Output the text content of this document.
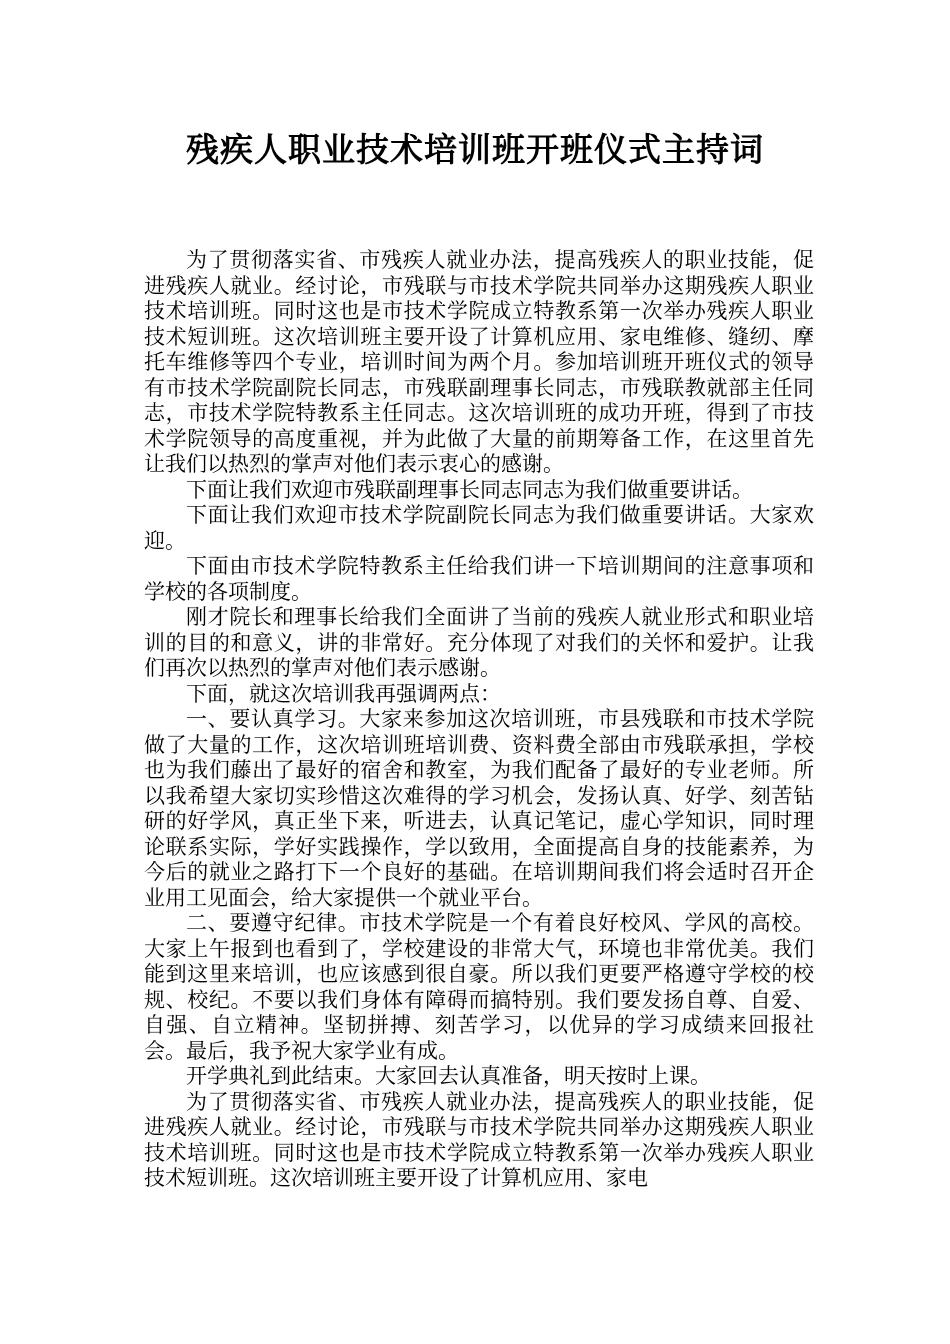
残疾人职业技术培训班开班仪式主持词

为了贯彻落实省、市残疾人就业办法，提高残疾人的职业技能，促进残疾人就业。经讨论，市残联与市技术学院共同举办这期残疾人职业技术培训班。同时这也是市技术学院成立特教系第一次举办残疾人职业技术短训班。这次培训班主要开设了计算机应用、家电维修、缝纫、摩托车维修等四个专业，培训时间为两个月。参加培训班开班仪式的领导有市技术学院副院长同志，市残联副理事长同志，市残联教就部主任同志，市技术学院特教系主任同志。这次培训班的成功开班，得到了市技术学院领导的高度重视，并为此做了大量的前期筹备工作，在这里首先让我们以热烈的掌声对他们表示衷心的感谢。

下面让我们欢迎市残联副理事长同志同志为我们做重要讲话。

下面让我们欢迎市技术学院副院长同志为我们做重要讲话。大家欢迎。

下面由市技术学院特教系主任给我们讲一下培训期间的注意事项和学校的各项制度。

刚才院长和理事长给我们全面讲了当前的残疾人就业形式和职业培训的目的和意义，讲的非常好。充分体现了对我们的关怀和爱护。让我们再次以热烈的掌声对他们表示感谢。

下面，就这次培训我再强调两点：

一、要认真学习。大家来参加这次培训班，市县残联和市技术学院做了大量的工作，这次培训班培训费、资料费全部由市残联承担，学校也为我们藤出了最好的宿舍和教室，为我们配备了最好的专业老师。所以我希望大家切实珍惜这次难得的学习机会，发扬认真、好学、刻苦钻研的好学风，真正坐下来，听进去，认真记笔记，虚心学知识，同时理论联系实际，学好实践操作，学以致用，全面提高自身的技能素养，为今后的就业之路打下一个良好的基础。在培训期间我们将会适时召开企业用工见面会，给大家提供一个就业平台。

二、要遵守纪律。市技术学院是一个有着良好校风、学风的高校。大家上午报到也看到了，学校建设的非常大气，环境也非常优美。我们能到这里来培训，也应该感到很自豪。所以我们更要严格遵守学校的校规、校纪。不要以我们身体有障碍而搞特别。我们要发扬自尊、自爱、自强、自立精神。坚韧拼搏、刻苦学习，以优异的学习成绩来回报社会。最后，我予祝大家学业有成。

开学典礼到此结束。大家回去认真准备，明天按时上课。

为了贯彻落实省、市残疾人就业办法，提高残疾人的职业技能，促进残疾人就业。经讨论，市残联与市技术学院共同举办这期残疾人职业技术培训班。同时这也是市技术学院成立特教系第一次举办残疾人职业技术短训班。这次培训班主要开设了计算机应用、家电
